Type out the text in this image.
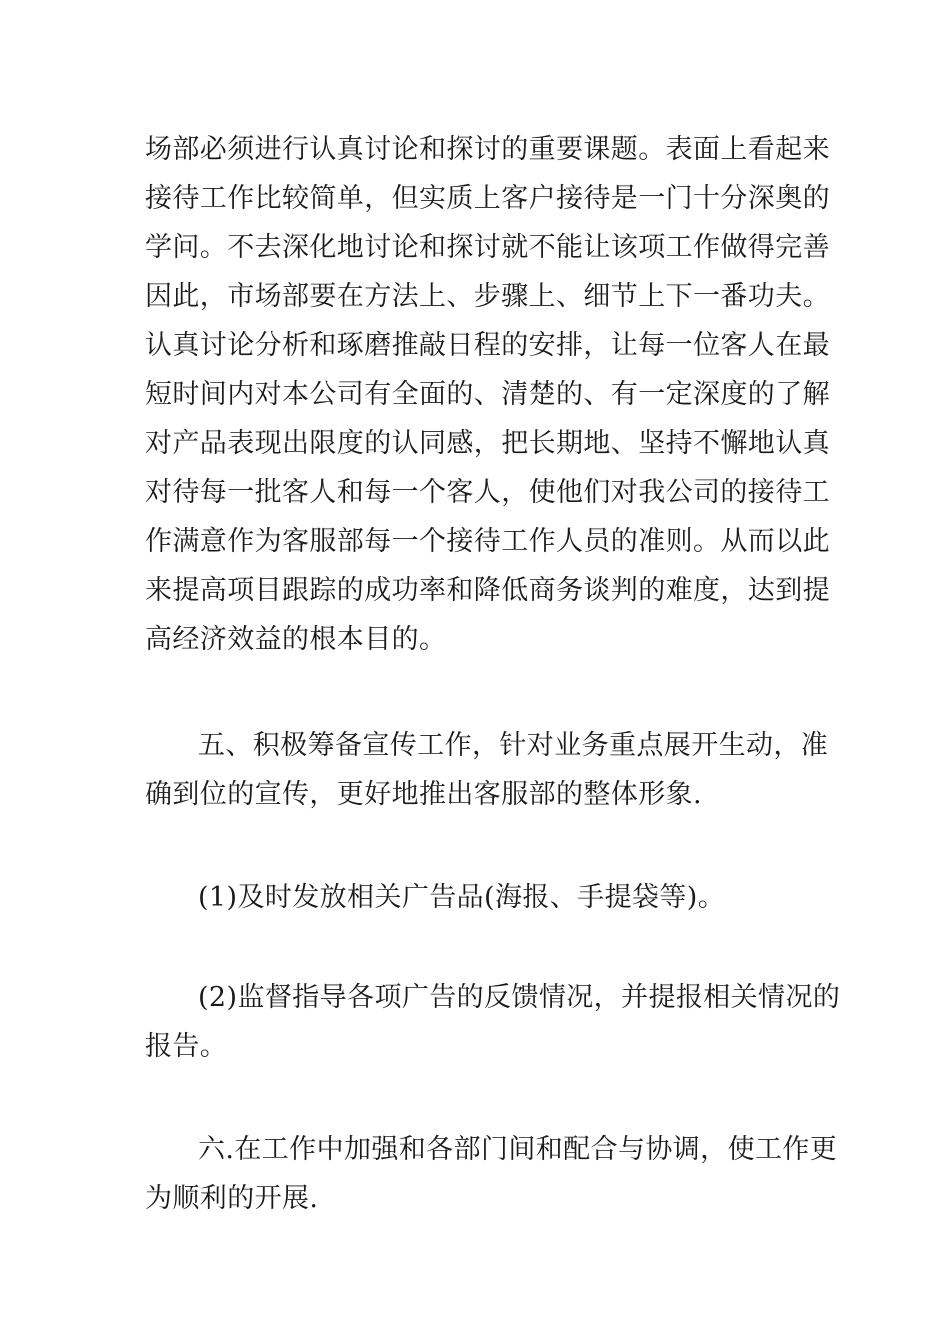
场部必须进行认真讨论和探讨的重要课题。表面上看起来
接待工作比较简单，但实质上客户接待是一门十分深奥的
学问。不去深化地讨论和探讨就不能让该项工作做得完善
因此，市场部要在方法上、步骤上、细节上下一番功夫。
认真讨论分析和琢磨推敲日程的安排，让每一位客人在最
短时间内对本公司有全面的、清楚的、有一定深度的了解
对产品表现出限度的认同感，把长期地、坚持不懈地认真
对待每一批客人和每一个客人，使他们对我公司的接待工
作满意作为客服部每一个接待工作人员的准则。从而以此
来提高项目跟踪的成功率和降低商务谈判的难度，达到提
高经济效益的根本目的。
五、积极筹备宣传工作，针对业务重点展开生动，准
确到位的宣传，更好地推出客服部的整体形象.
(1)及时发放相关广告品(海报、手提袋等)。
(2)监督指导各项广告的反馈情况，并提报相关情况的
报告。
六.在工作中加强和各部门间和配合与协调，使工作更
为顺利的开展.
